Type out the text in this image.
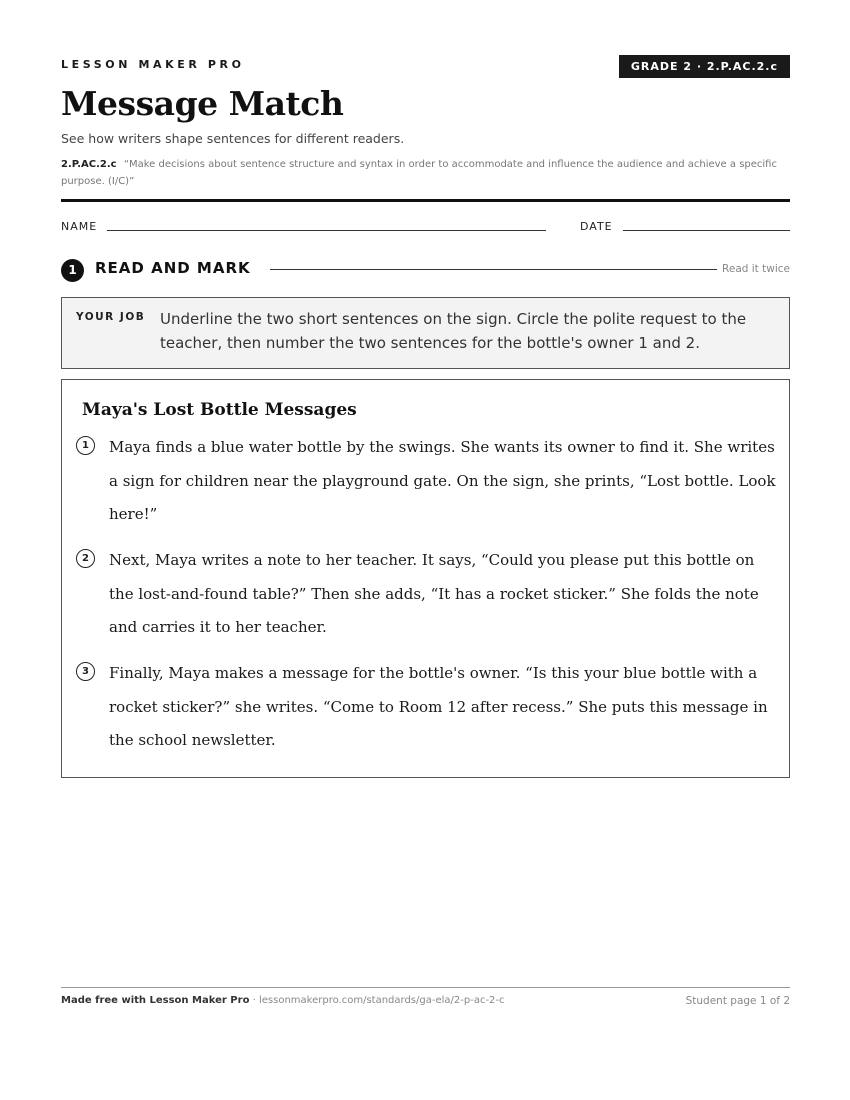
LESSON MAKER PRO	GRADE 2 · 2.P.AC.2.c
Message Match
See how writers shape sentences for different readers.
2.P.AC.2.c “Make decisions about sentence structure and syntax in order to accommodate and influence the audience and achieve a specific purpose. (I/C)”
NAME	DATE
1	READ AND MARK	Read it twice
YOUR JOB Underline the two short sentences on the sign. Circle the polite request to the teacher, then number the two sentences for the bottle's owner 1 and 2.
Maya's Lost Bottle Messages
1	Maya finds a blue water bottle by the swings. She wants its owner to find it. She writes a sign for children near the playground gate. On the sign, she prints, “Lost bottle. Look here!”

2	Next, Maya writes a note to her teacher. It says, “Could you please put this bottle on the lost-and-found table?” Then she adds, “It has a rocket sticker.” She folds the note and carries it to her teacher.

3	Finally, Maya makes a message for the bottle's owner. “Is this your blue bottle with a rocket sticker?” she writes. “Come to Room 12 after recess.” She puts this message in the school newsletter.

Made free with Lesson Maker Pro · lessonmakerpro.com/standards/ga-ela/2-p-ac-2-c	Student page 1 of 2
